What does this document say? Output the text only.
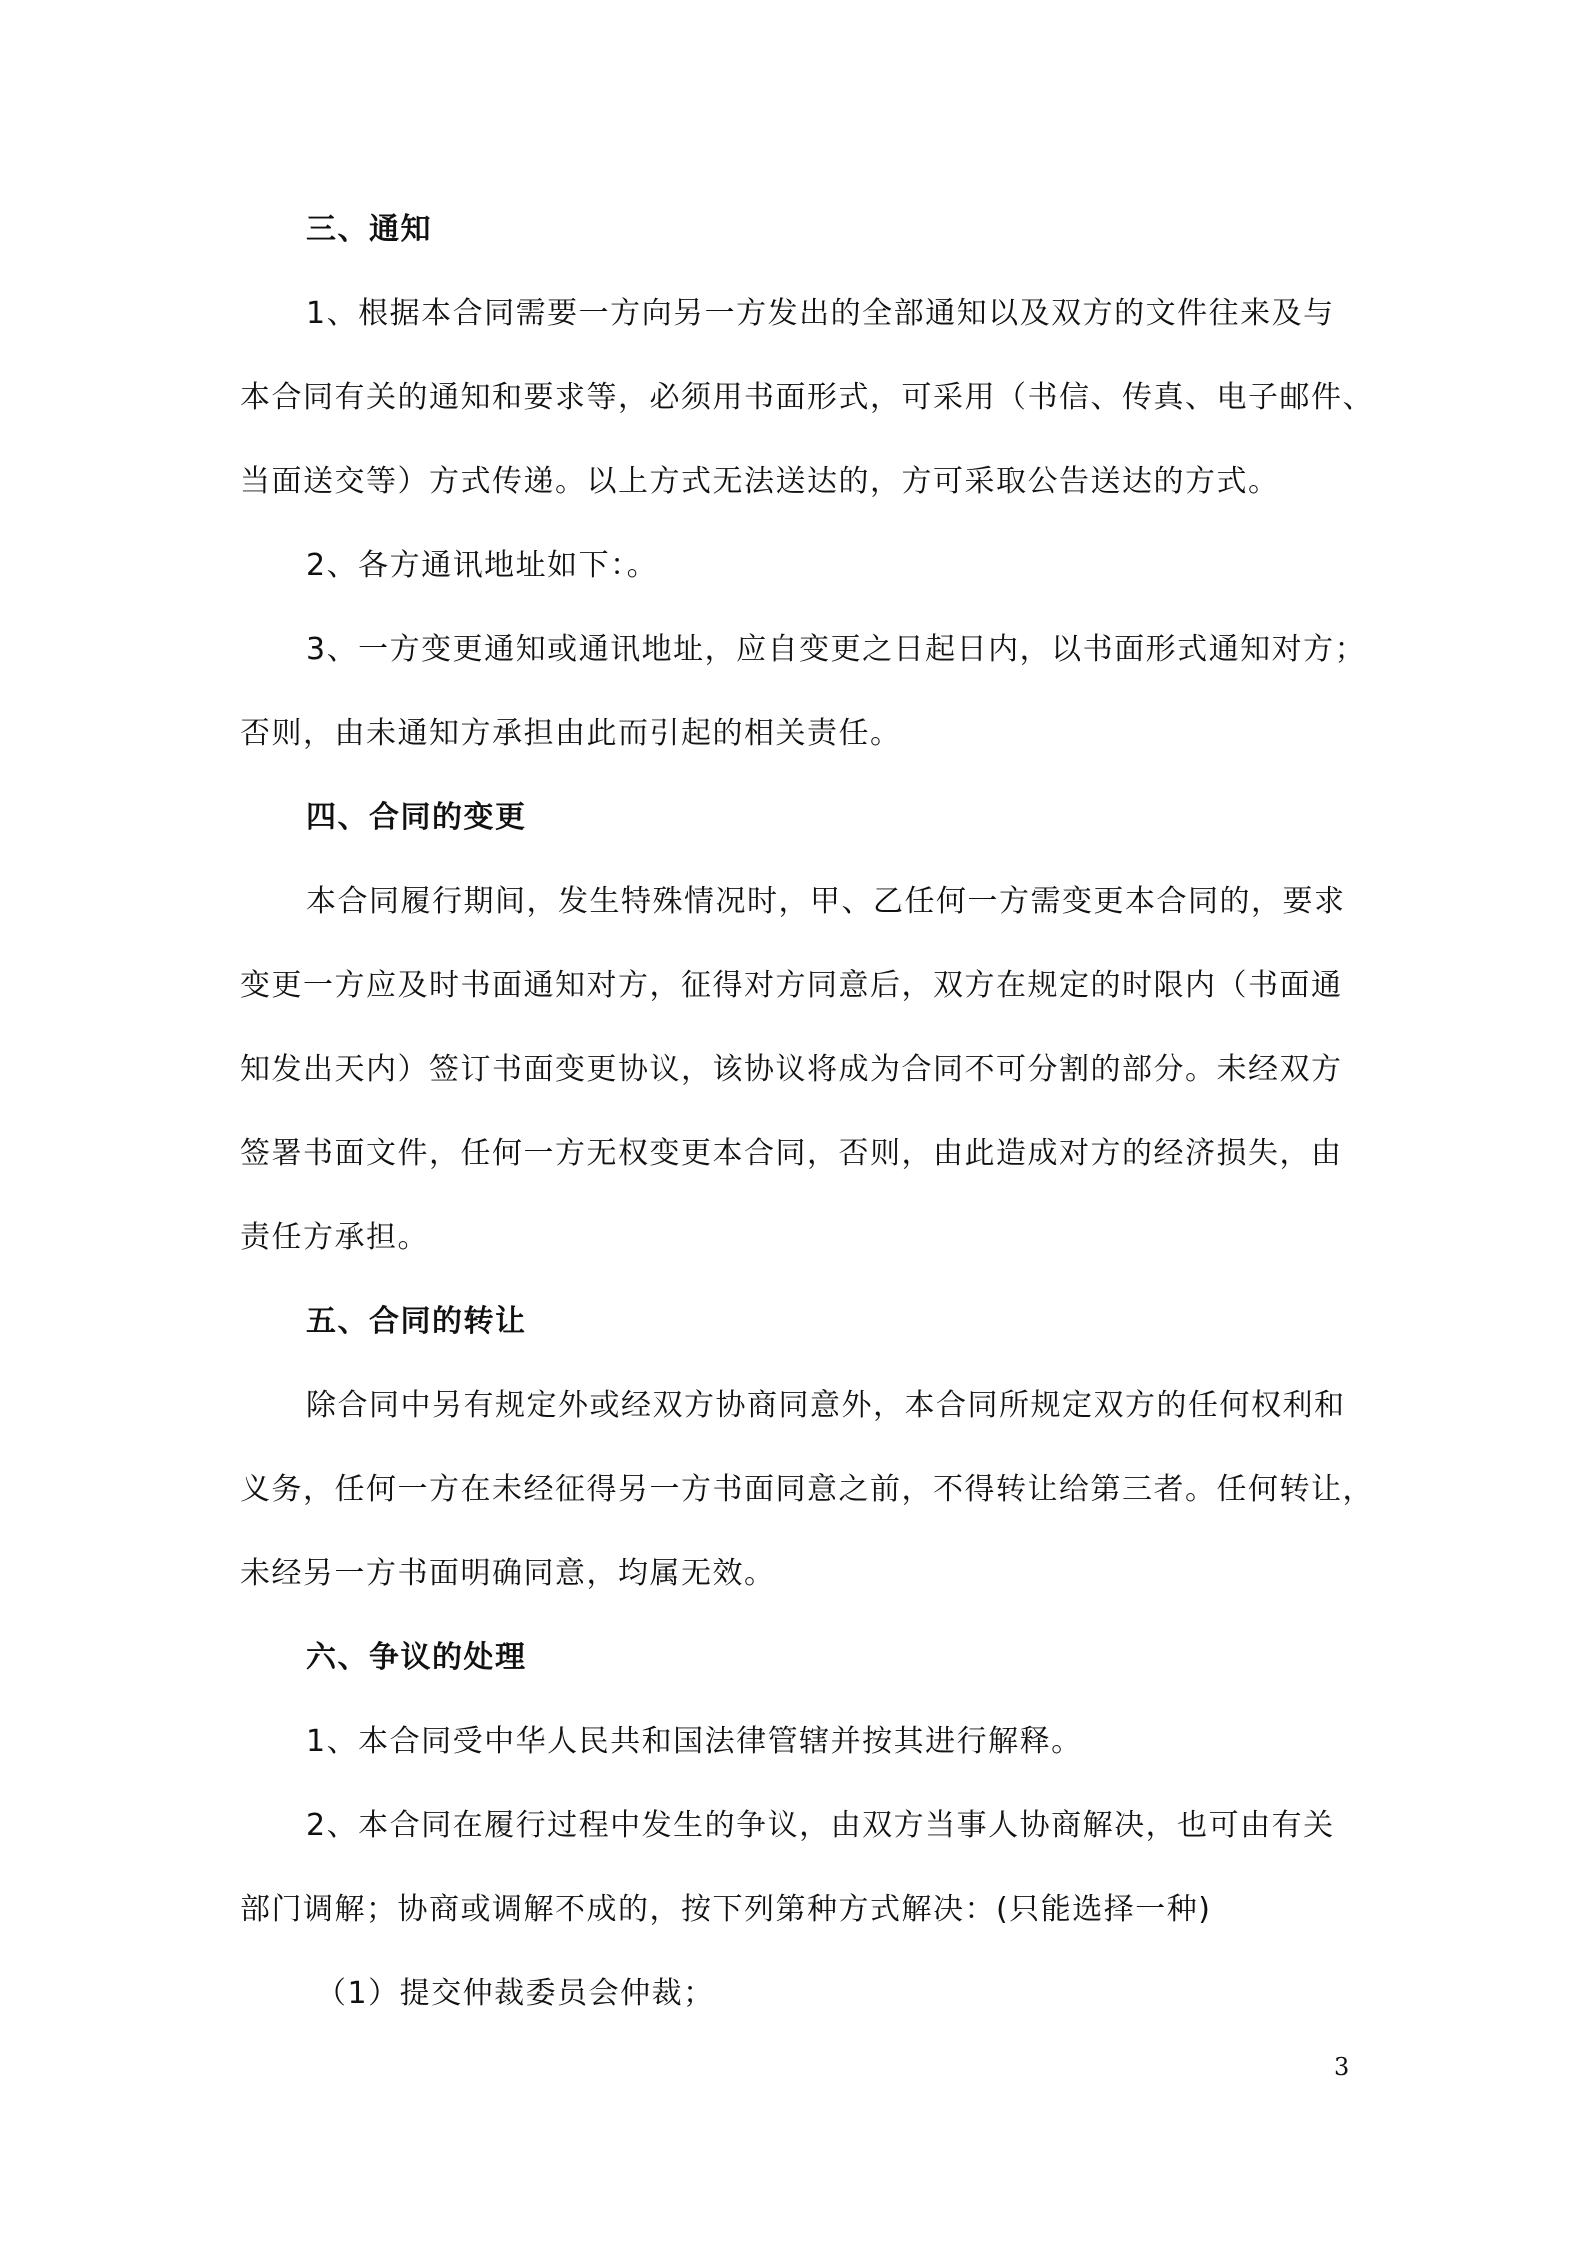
三、通知
1、根据本合同需要一方向另一方发出的全部通知以及双方的文件往来及与
本合同有关的通知和要求等，必须用书面形式，可采用（书信、传真、电子邮件、
当面送交等）方式传递。以上方式无法送达的，方可采取公告送达的方式。
2、各方通讯地址如下：。
3、一方变更通知或通讯地址，应自变更之日起日内，以书面形式通知对方；
否则，由未通知方承担由此而引起的相关责任。
四、合同的变更
本合同履行期间，发生特殊情况时，甲、乙任何一方需变更本合同的，要求
变更一方应及时书面通知对方，征得对方同意后，双方在规定的时限内（书面通
知发出天内）签订书面变更协议，该协议将成为合同不可分割的部分。未经双方
签署书面文件，任何一方无权变更本合同，否则，由此造成对方的经济损失，由
责任方承担。
五、合同的转让
除合同中另有规定外或经双方协商同意外，本合同所规定双方的任何权利和
义务，任何一方在未经征得另一方书面同意之前，不得转让给第三者。任何转让，
未经另一方书面明确同意，均属无效。
六、争议的处理
1、本合同受中华人民共和国法律管辖并按其进行解释。
2、本合同在履行过程中发生的争议，由双方当事人协商解决，也可由有关
部门调解；协商或调解不成的，按下列第种方式解决：(只能选择一种)
（1）提交仲裁委员会仲裁；
3
